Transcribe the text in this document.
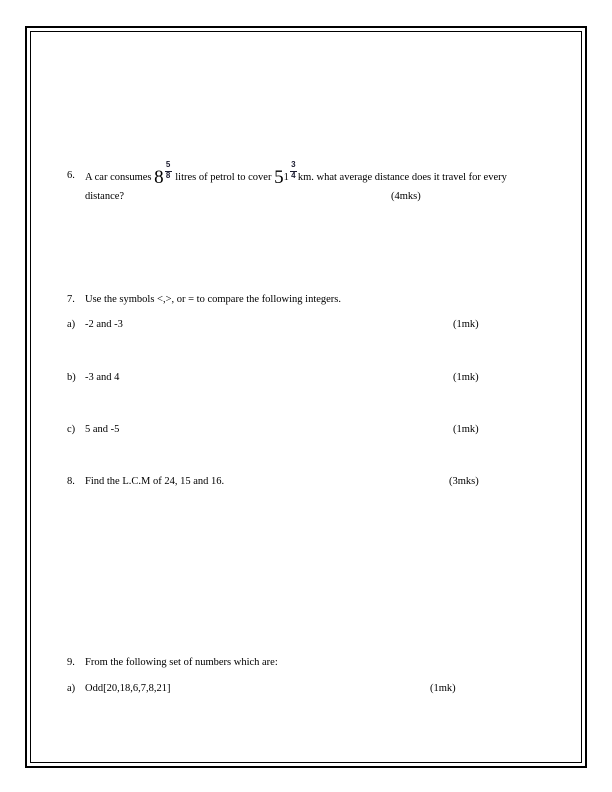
6. A car consumes $8 \frac{5}{8}$ litres of petrol to cover $51 \frac{3}{4}$ km. what average distance does it travel for every
distance?	(4mks)
7. Use the symbols <,>, or = to compare the following integers.
a) -2 and -3	(1mk)
b) -3 and 4	(1mk)
c) 5 and -5	(1mk)
8. Find the L.C.M of 24, 15 and 16.	(3mks)
9. From the following set of numbers which are:
a) Odd[20,18,6,7,8,21]	(1mk)
